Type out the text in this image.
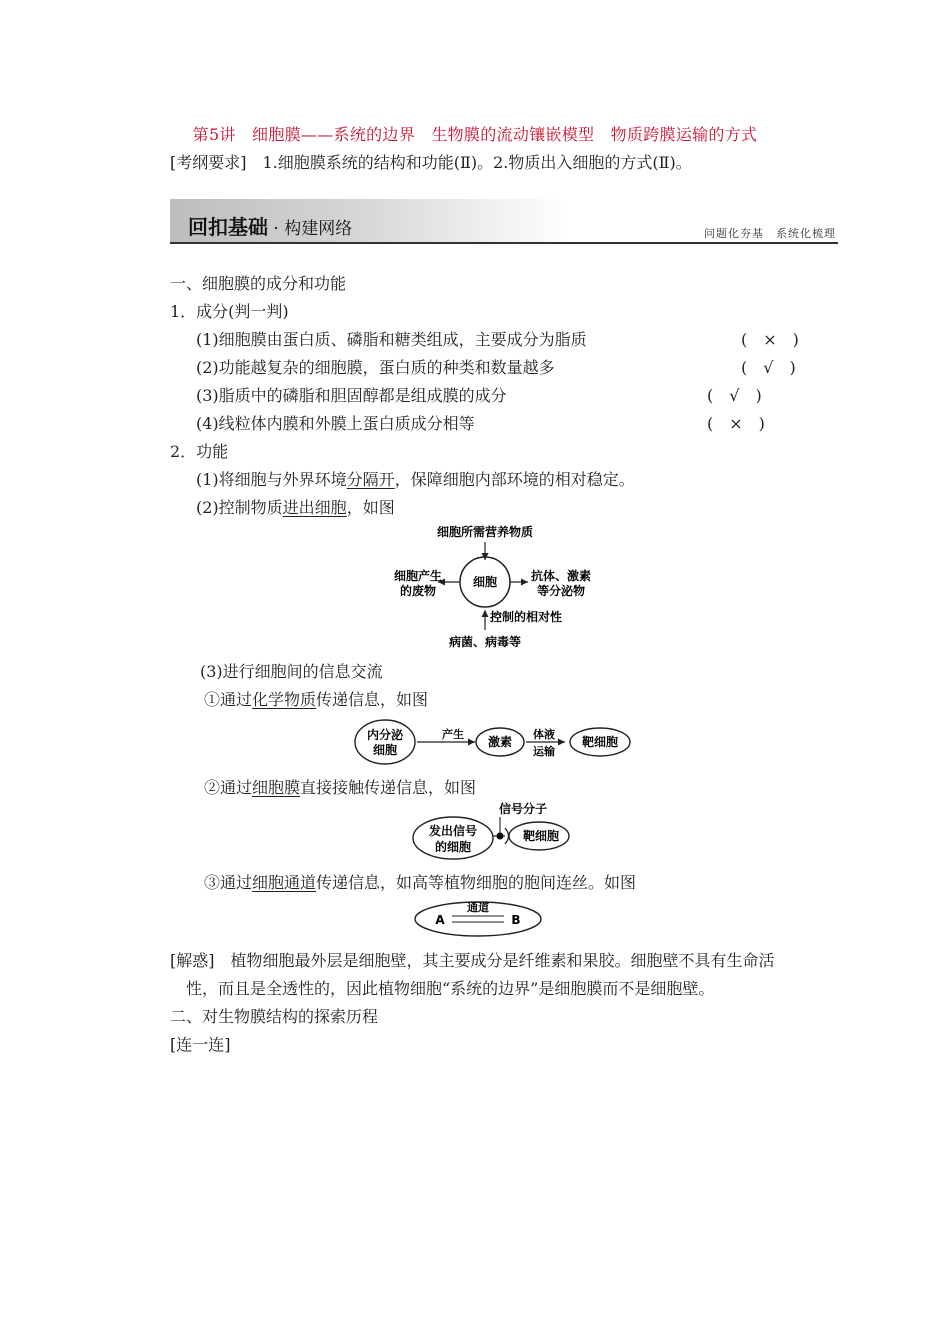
第5讲　细胞膜——系统的边界　生物膜的流动镶嵌模型　物质跨膜运输的方式
[考纲要求]　1.细胞膜系统的结构和功能(Ⅱ)。2.物质出入细胞的方式(Ⅱ)。
回扣基础 · 构建网络	问题化夯基　系统化梳理
一、细胞膜的成分和功能
1．成分(判一判)
(1)细胞膜由蛋白质、磷脂和糖类组成，主要成分为脂质	(　×　)
(2)功能越复杂的细胞膜，蛋白质的种类和数量越多	(　√　)
(3)脂质中的磷脂和胆固醇都是组成膜的成分	(　√　)
(4)线粒体内膜和外膜上蛋白质成分相等	(　×　)
2．功能
(1)将细胞与外界环境分隔开，保障细胞内部环境的相对稳定。
(2)控制物质进出细胞，如图
细胞所需营养物质
细胞
细胞产生
的废物
抗体、激素
等分泌物
控制的相对性
病菌、病毒等
(3)进行细胞间的信息交流
①通过化学物质传递信息，如图
内分泌
细胞
产生
激素
体液
运输
靶细胞
②通过细胞膜直接接触传递信息，如图
信号分子
发出信号
的细胞
靶细胞
③通过细胞通道传递信息，如高等植物细胞的胞间连丝。如图
A	B
通道
[解惑]　植物细胞最外层是细胞壁，其主要成分是纤维素和果胶。细胞壁不具有生命活
性，而且是全透性的，因此植物细胞“系统的边界”是细胞膜而不是细胞壁。
二、对生物膜结构的探索历程
[连一连]
